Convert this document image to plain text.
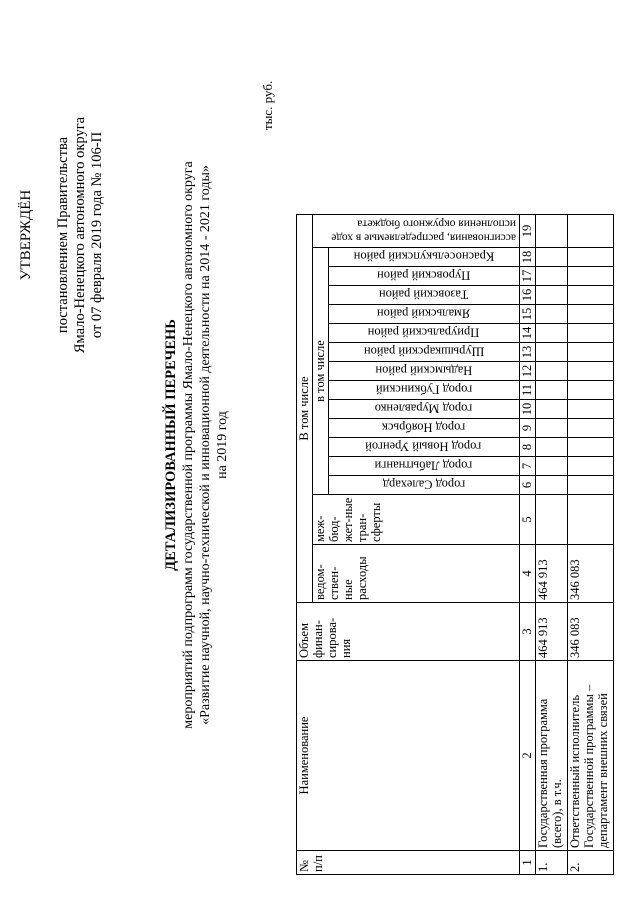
УТВЕРЖДЁН постановлением Правительства Ямало-Ненецкого автономного округа от 07 февраля 2019 года № 106-П
ДЕТАЛИЗИРОВАННЫЙ ПЕРЕЧЕНЬ мероприятий подпрограмм государственной программы Ямало-Ненецкого автономного округа «Развитие научной, научно-технической и инновационной деятельности на 2014 - 2021 годы» на 2019 год
тыс. руб.
№ п/п	Наименование	Объем финан-сирова-ния	В том числе															
			ведом-ствен-ные расходы	меж-бюд-жет-ные тран-сферты	в том числе													ассигнования, распределяемые в ходе исполнения окружного бюджета
					город Салехард	город Лабытнанги	город Новый Уренгой	город Ноябрьск	город Муравленко	город Губкинский	Надымский район	Шурышкарский район	Приуральский район	Ямальский район	Тазовский район	Пуровский район	Красноселькупский район	
1	2	3	4	5	6	7	8	9	10	11	12	13	14	15	16	17	18	19
1.	Государственная программа (всего), в т.ч.	464 913	464 913															
2.	Ответственный исполнитель Государственной программы – департамент внешних связей	346 083	346 083															
